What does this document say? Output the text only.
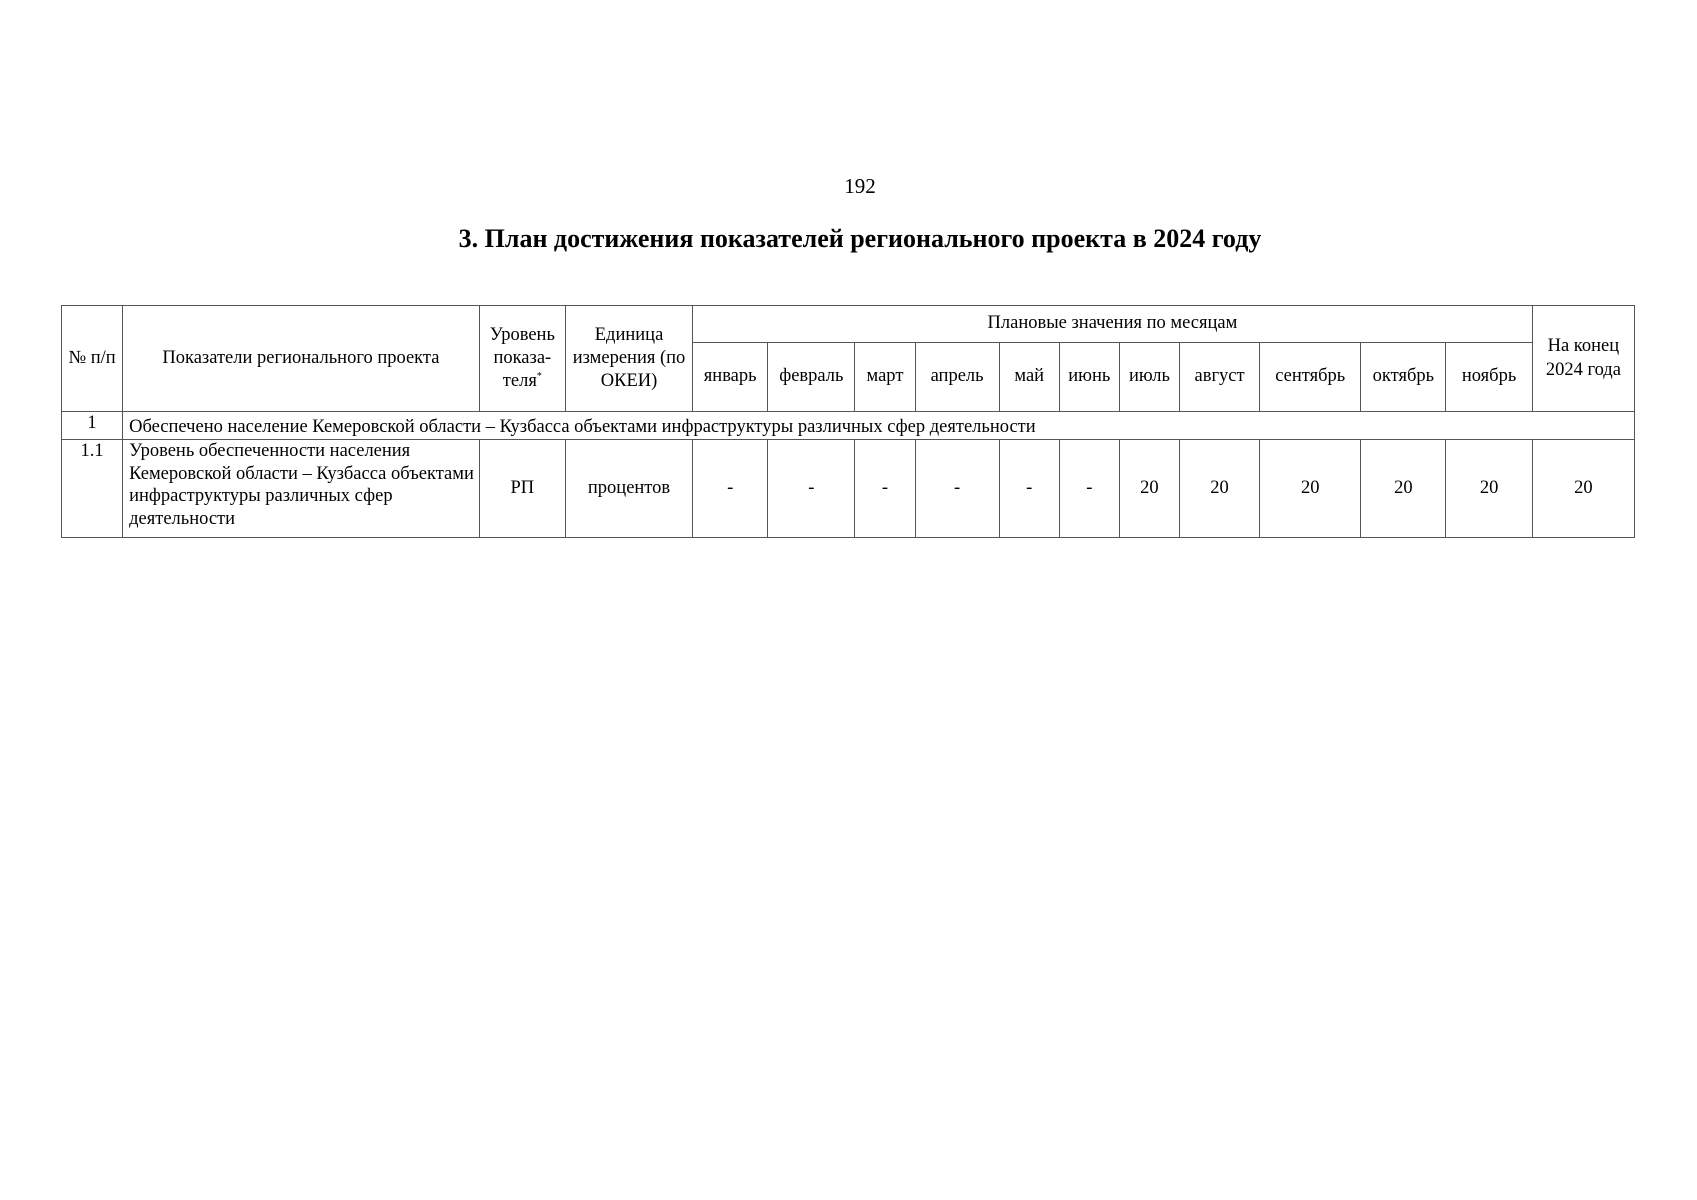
192
3. План достижения показателей регионального проекта в 2024 году
№ п/п	Показатели регионального проекта	Уровень показа-теля*	Единица измерения (по ОКЕИ)	Плановые значения по месяцам											На конец 2024 года
				январь	февраль	март	апрель	май	июнь	июль	август	сентябрь	октябрь	ноябрь	
1	Обеспечено население Кемеровской области – Кузбасса объектами инфраструктуры различных сфер деятельности														
1.1	Уровень обеспеченности населения Кемеровской области – Кузбасса объектами инфраструктуры различных сфер деятельности	РП	процентов	-	-	-	-	-	-	20	20	20	20	20	20
